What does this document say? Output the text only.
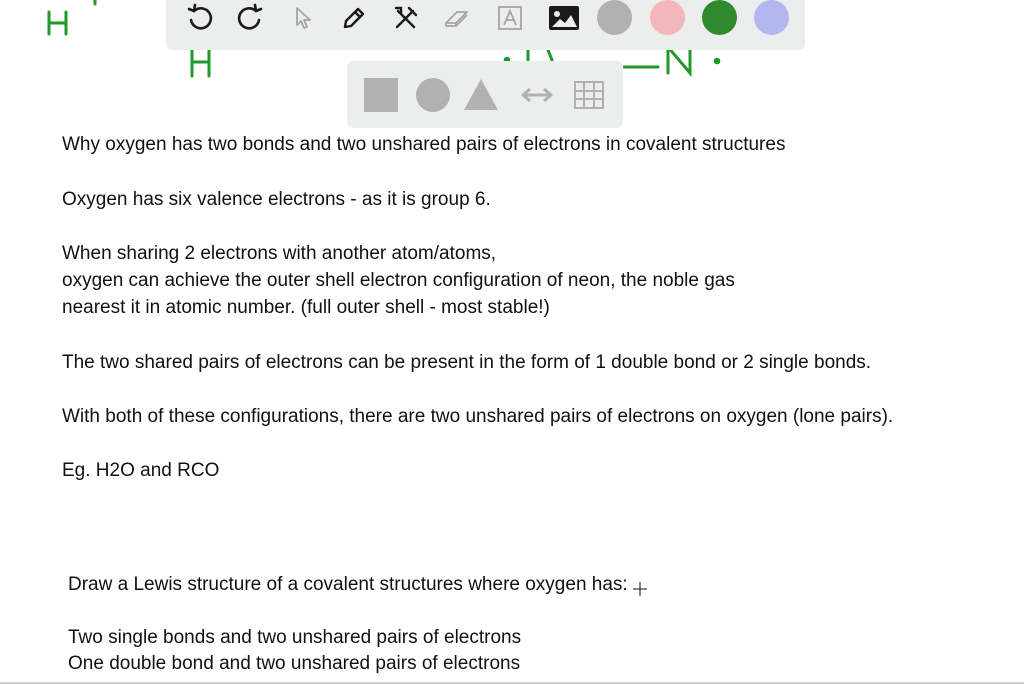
Why oxygen has two bonds and two unshared pairs of electrons in covalent structures
Oxygen has six valence electrons - as it is group 6.
When sharing 2 electrons with another atom/atoms,
oxygen can achieve the outer shell electron configuration of neon, the noble gas
nearest it in atomic number. (full outer shell - most stable!)
The two shared pairs of electrons can be present in the form of 1 double bond or 2 single bonds.
With both of these configurations, there are two unshared pairs of electrons on oxygen (lone pairs).
Eg. H2O and RCO
Draw a Lewis structure of a covalent structures where oxygen has:
Two single bonds and two unshared pairs of electrons
One double bond and two unshared pairs of electrons
